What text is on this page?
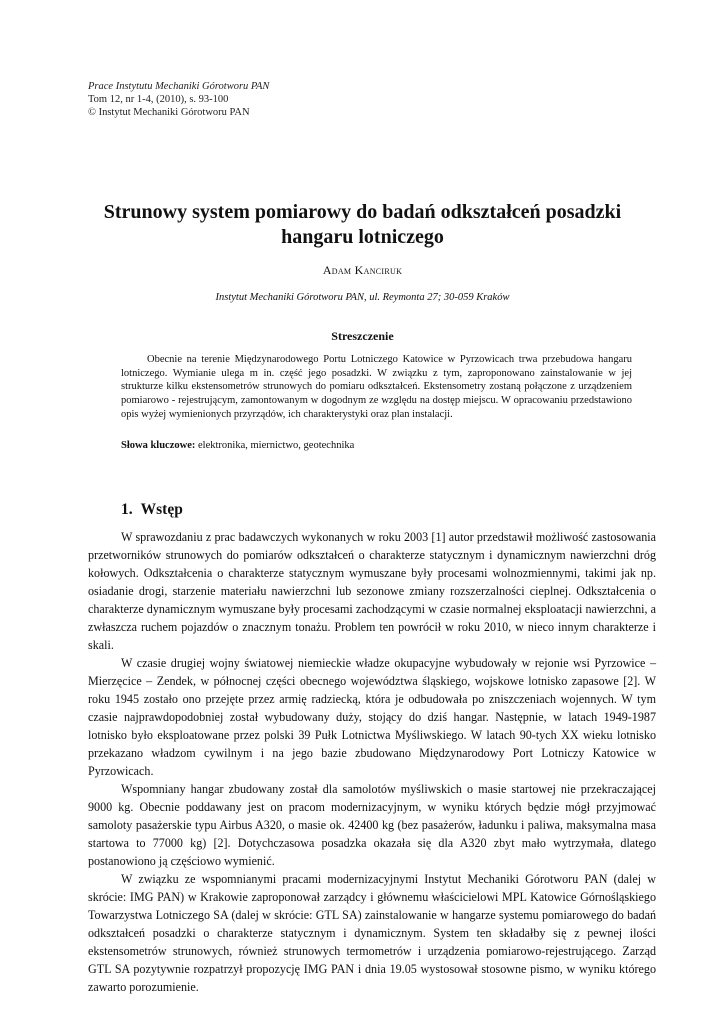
Prace Instytutu Mechaniki Górotworu PAN
Tom 12, nr 1-4, (2010), s. 93-100
© Instytut Mechaniki Górotworu PAN
Strunowy system pomiarowy do badań odkształceń posadzki
hangaru lotniczego
Adam Kanciruk
Instytut Mechaniki Górotworu PAN, ul. Reymonta 27; 30-059 Kraków
Streszczenie
Obecnie na terenie Międzynarodowego Portu Lotniczego Katowice w Pyrzowicach trwa przebudowa hangaru lotniczego. Wymianie ulega m in. część jego posadzki. W związku z tym, zaproponowano zainstalowanie w jej strukturze kilku ekstensometrów strunowych do pomiaru odkształceń. Ekstensometry zostaną połączone z urządzeniem pomiarowo - rejestrującym, zamontowanym w dogodnym ze względu na dostęp miejscu. W opracowaniu przedstawiono opis wyżej wymienionych przyrządów, ich charakterystyki oraz plan instalacji.
Słowa kluczowe: elektronika, miernictwo, geotechnika
1. Wstęp

W sprawozdaniu z prac badawczych wykonanych w roku 2003 [1] autor przedstawił możliwość zastosowania przetworników strunowych do pomiarów odkształceń o charakterze statycznym i dynamicznym nawierzchni dróg kołowych. Odkształcenia o charakterze statycznym wymuszane były procesami wolnozmiennymi, takimi jak np. osiadanie drogi, starzenie materiału nawierzchni lub sezonowe zmiany rozszerzalności cieplnej. Odkształcenia o charakterze dynamicznym wymuszane były procesami zachodzącymi w czasie normalnej eksploatacji nawierzchni, a zwłaszcza ruchem pojazdów o znacznym tonażu. Problem ten powrócił w roku 2010, w nieco innym charakterze i skali.

W czasie drugiej wojny światowej niemieckie władze okupacyjne wybudowały w rejonie wsi Pyrzowice – Mierzęcice – Zendek, w północnej części obecnego województwa śląskiego, wojskowe lotnisko zapasowe [2]. W roku 1945 zostało ono przejęte przez armię radziecką, która je odbudowała po zniszczeniach wojennych. W tym czasie najprawdopodobniej został wybudowany duży, stojący do dziś hangar. Następnie, w latach 1949-1987 lotnisko było eksploatowane przez polski 39 Pułk Lotnictwa Myśliwskiego. W latach 90-tych XX wieku lotnisko przekazano władzom cywilnym i na jego bazie zbudowano Międzynarodowy Port Lotniczy Katowice w Pyrzowicach.

Wspomniany hangar zbudowany został dla samolotów myśliwskich o masie startowej nie przekraczającej 9000 kg. Obecnie poddawany jest on pracom modernizacyjnym, w wyniku których będzie mógł przyjmować samoloty pasażerskie typu Airbus A320, o masie ok. 42400 kg (bez pasażerów, ładunku i paliwa, maksymalna masa startowa to 77000 kg) [2]. Dotychczasowa posadzka okazała się dla A320 zbyt mało wytrzymała, dlatego postanowiono ją częściowo wymienić.

W związku ze wspomnianymi pracami modernizacyjnymi Instytut Mechaniki Górotworu PAN (dalej w skrócie: IMG PAN) w Krakowie zaproponował zarządcy i głównemu właścicielowi MPL Katowice Górnośląskiego Towarzystwa Lotniczego SA (dalej w skrócie: GTL SA) zainstalowanie w hangarze systemu pomiarowego do badań odkształceń posadzki o charakterze statycznym i dynamicznym. System ten składałby się z pewnej ilości ekstensometrów strunowych, również strunowych termometrów i urządzenia pomiarowo-rejestrującego. Zarząd GTL SA pozytywnie rozpatrzył propozycję IMG PAN i dnia 19.05 wystosował stosowne pismo, w wyniku którego zawarto porozumienie.
